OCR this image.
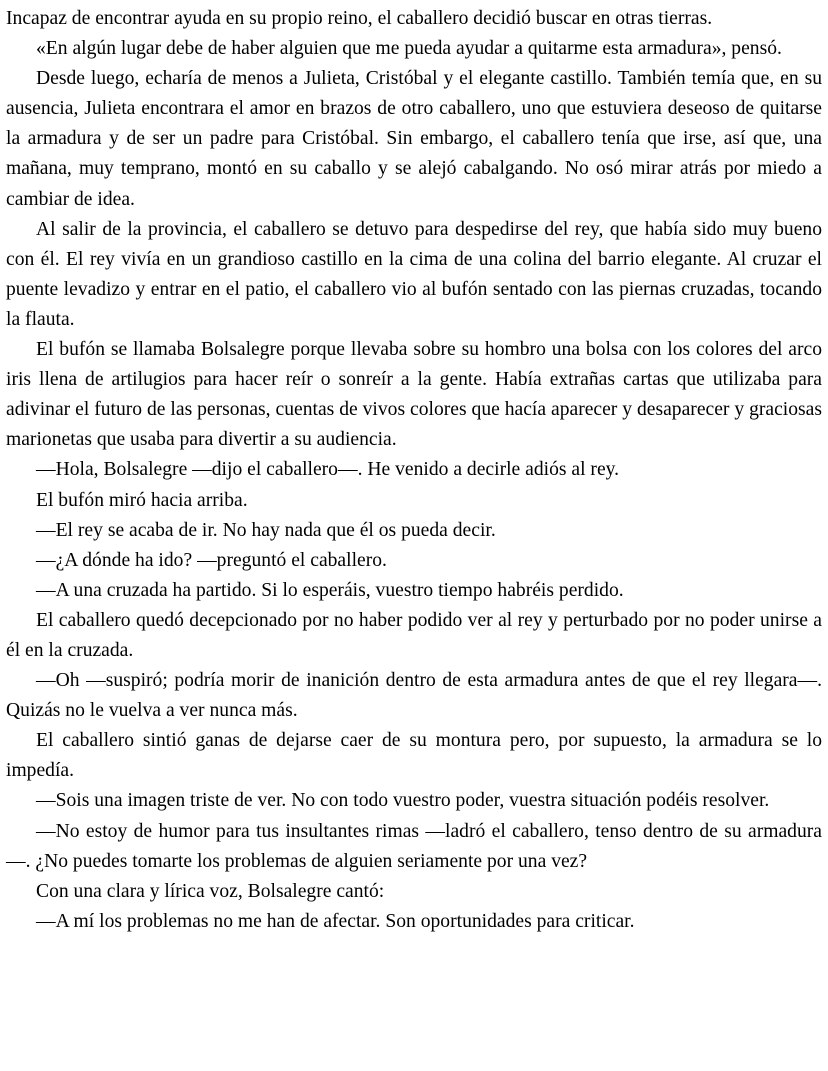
Incapaz de encontrar ayuda en su propio reino, el caballero decidió buscar en otras tierras.

«En algún lugar debe de haber alguien que me pueda ayudar a quitarme esta armadura», pensó.

Desde luego, echaría de menos a Julieta, Cristóbal y el elegante castillo. También temía que, en su ausencia, Julieta encontrara el amor en brazos de otro caballero, uno que estuviera deseoso de quitarse la armadura y de ser un padre para Cristóbal. Sin embargo, el caballero tenía que irse, así que, una mañana, muy temprano, montó en su caballo y se alejó cabalgando. No osó mirar atrás por miedo a cambiar de idea.

Al salir de la provincia, el caballero se detuvo para despedirse del rey, que había sido muy bueno con él. El rey vivía en un grandioso castillo en la cima de una colina del barrio elegante. Al cruzar el puente levadizo y entrar en el patio, el caballero vio al bufón sentado con las piernas cruzadas, tocando la flauta.

El bufón se llamaba Bolsalegre porque llevaba sobre su hombro una bolsa con los colores del arco iris llena de artilugios para hacer reír o sonreír a la gente. Había extrañas cartas que utilizaba para adivinar el futuro de las personas, cuentas de vivos colores que hacía aparecer y desaparecer y graciosas marionetas que usaba para divertir a su audiencia.

—Hola, Bolsalegre —dijo el caballero—. He venido a decirle adiós al rey.

El bufón miró hacia arriba.

—El rey se acaba de ir. No hay nada que él os pueda decir.

—¿A dónde ha ido? —preguntó el caballero.

—A una cruzada ha partido. Si lo esperáis, vuestro tiempo habréis perdido.

El caballero quedó decepcionado por no haber podido ver al rey y perturbado por no poder unirse a él en la cruzada.

—Oh —suspiró; podría morir de inanición dentro de esta armadura antes de que el rey llegara—. Quizás no le vuelva a ver nunca más.

El caballero sintió ganas de dejarse caer de su montura pero, por supuesto, la armadura se lo impedía.

—Sois una imagen triste de ver. No con todo vuestro poder, vuestra situación podéis resolver.

—No estoy de humor para tus insultantes rimas —ladró el caballero, tenso dentro de su armadura—. ¿No puedes tomarte los problemas de alguien seriamente por una vez?

Con una clara y lírica voz, Bolsalegre cantó:

—A mí los problemas no me han de afectar. Son oportunidades para criticar.
